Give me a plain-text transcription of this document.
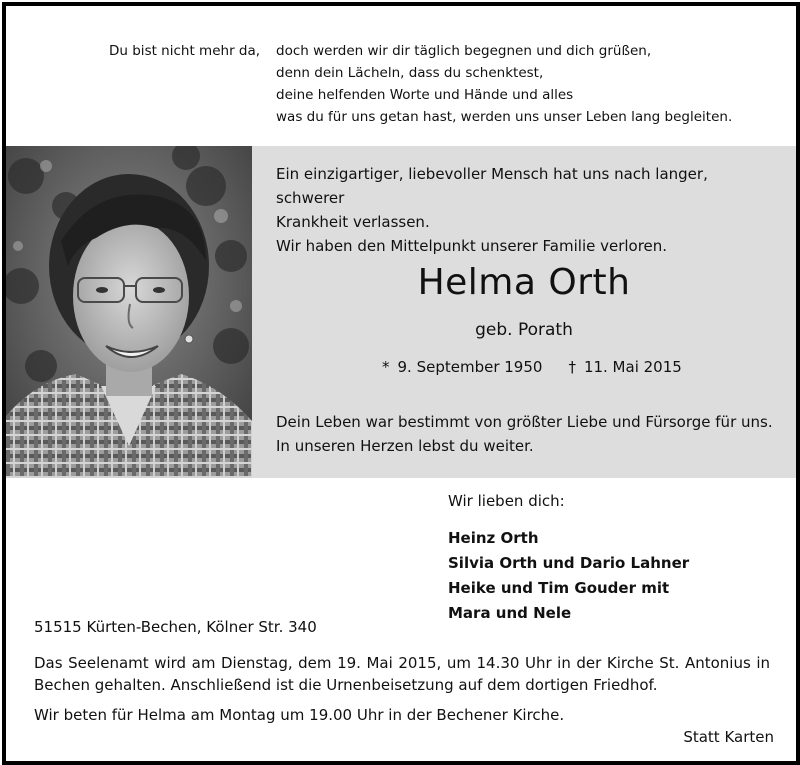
Du bist nicht mehr da, doch werden wir dir täglich begegnen und dich grüßen,
denn dein Lächeln, dass du schenktest,
deine helfenden Worte und Hände und alles
was du für uns getan hast, werden uns unser Leben lang begleiten.
Ein einzigartiger, liebevoller Mensch hat uns nach langer, schwerer
Krankheit verlassen.
Wir haben den Mittelpunkt unserer Familie verloren.
Helma Orth
geb. Porath
* 9. September 1950 † 11. Mai 2015
Dein Leben war bestimmt von größter Liebe und Fürsorge für uns.
In unseren Herzen lebst du weiter.
Wir lieben dich:
Heinz Orth
Silvia Orth und Dario Lahner
Heike und Tim Gouder mit
Mara und Nele
51515 Kürten-Bechen, Kölner Str. 340
Das Seelenamt wird am Dienstag, dem 19. Mai 2015, um 14.30 Uhr in der Kirche St. Antonius in
Bechen gehalten. Anschließend ist die Urnenbeisetzung auf dem dortigen Friedhof.
Wir beten für Helma am Montag um 19.00 Uhr in der Bechener Kirche.
Statt Karten
